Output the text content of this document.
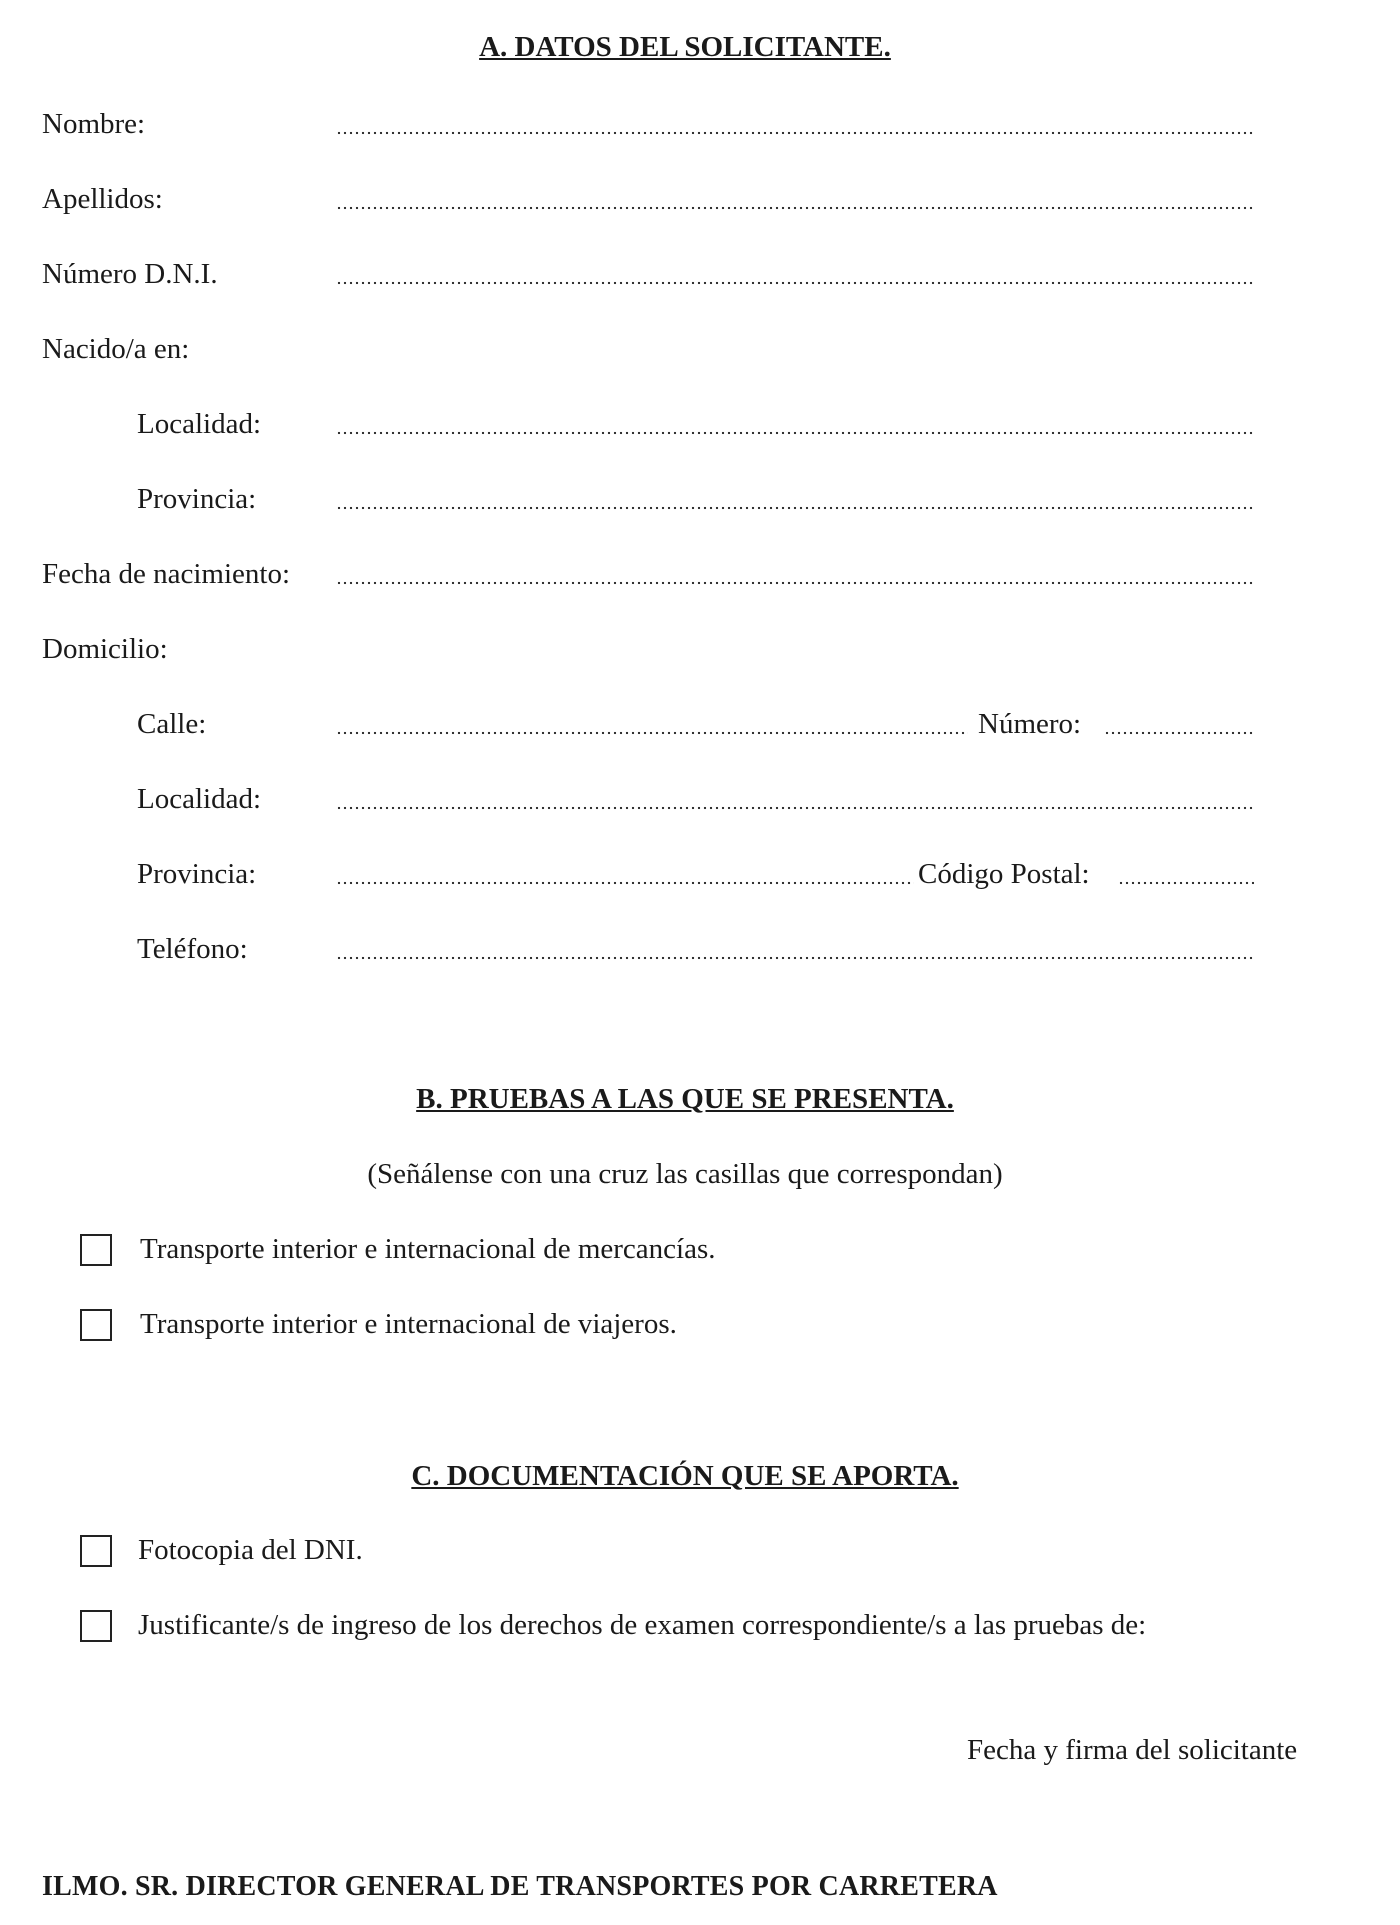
A. DATOS DEL SOLICITANTE.
Nombre:
Apellidos:
Número D.N.I.
Nacido/a en:
Localidad:
Provincia:
Fecha de nacimiento:
Domicilio:
Calle:	Número:
Localidad:
Provincia:	Código Postal:
Teléfono:
B. PRUEBAS A LAS QUE SE PRESENTA.
(Señálense con una cruz las casillas que correspondan)
Transporte interior e internacional de mercancías.
Transporte interior e internacional de viajeros.
C. DOCUMENTACIÓN QUE SE APORTA.
Fotocopia del DNI.
Justificante/s de ingreso de los derechos de examen correspondiente/s a las pruebas de:
Fecha y firma del solicitante
ILMO. SR. DIRECTOR GENERAL DE TRANSPORTES POR CARRETERA
